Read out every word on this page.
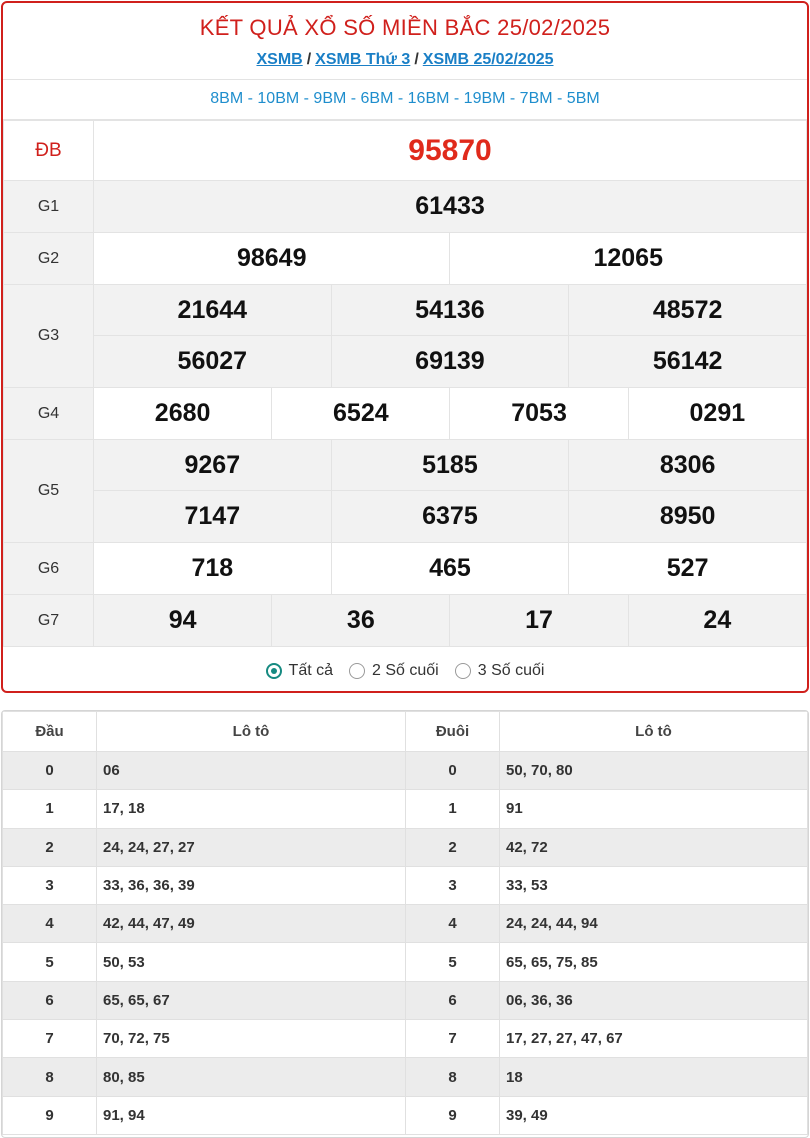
KẾT QUẢ XỔ SỐ MIỀN BẮC 25/02/2025
XSMB / XSMB Thứ 3 / XSMB 25/02/2025
8BM - 10BM - 9BM - 6BM - 16BM - 19BM - 7BM - 5BM
ĐB	95870					
G1	61433					
G2	98649			12065		
G3	21644		54136		48572	
	56027		69139		56142	
G4	2680	6524		7053		0291
G5	9267		5185		8306	
	7147		6375		8950	
G6	718		465		527	
G7	94	36		17		24
Tất cả 2 Số cuối 3 Số cuối
Đầu	Lô tô	Đuôi	Lô tô
0	06	0	50, 70, 80
1	17, 18	1	91
2	24, 24, 27, 27	2	42, 72
3	33, 36, 36, 39	3	33, 53
4	42, 44, 47, 49	4	24, 24, 44, 94
5	50, 53	5	65, 65, 75, 85
6	65, 65, 67	6	06, 36, 36
7	70, 72, 75	7	17, 27, 27, 47, 67
8	80, 85	8	18
9	91, 94	9	39, 49
